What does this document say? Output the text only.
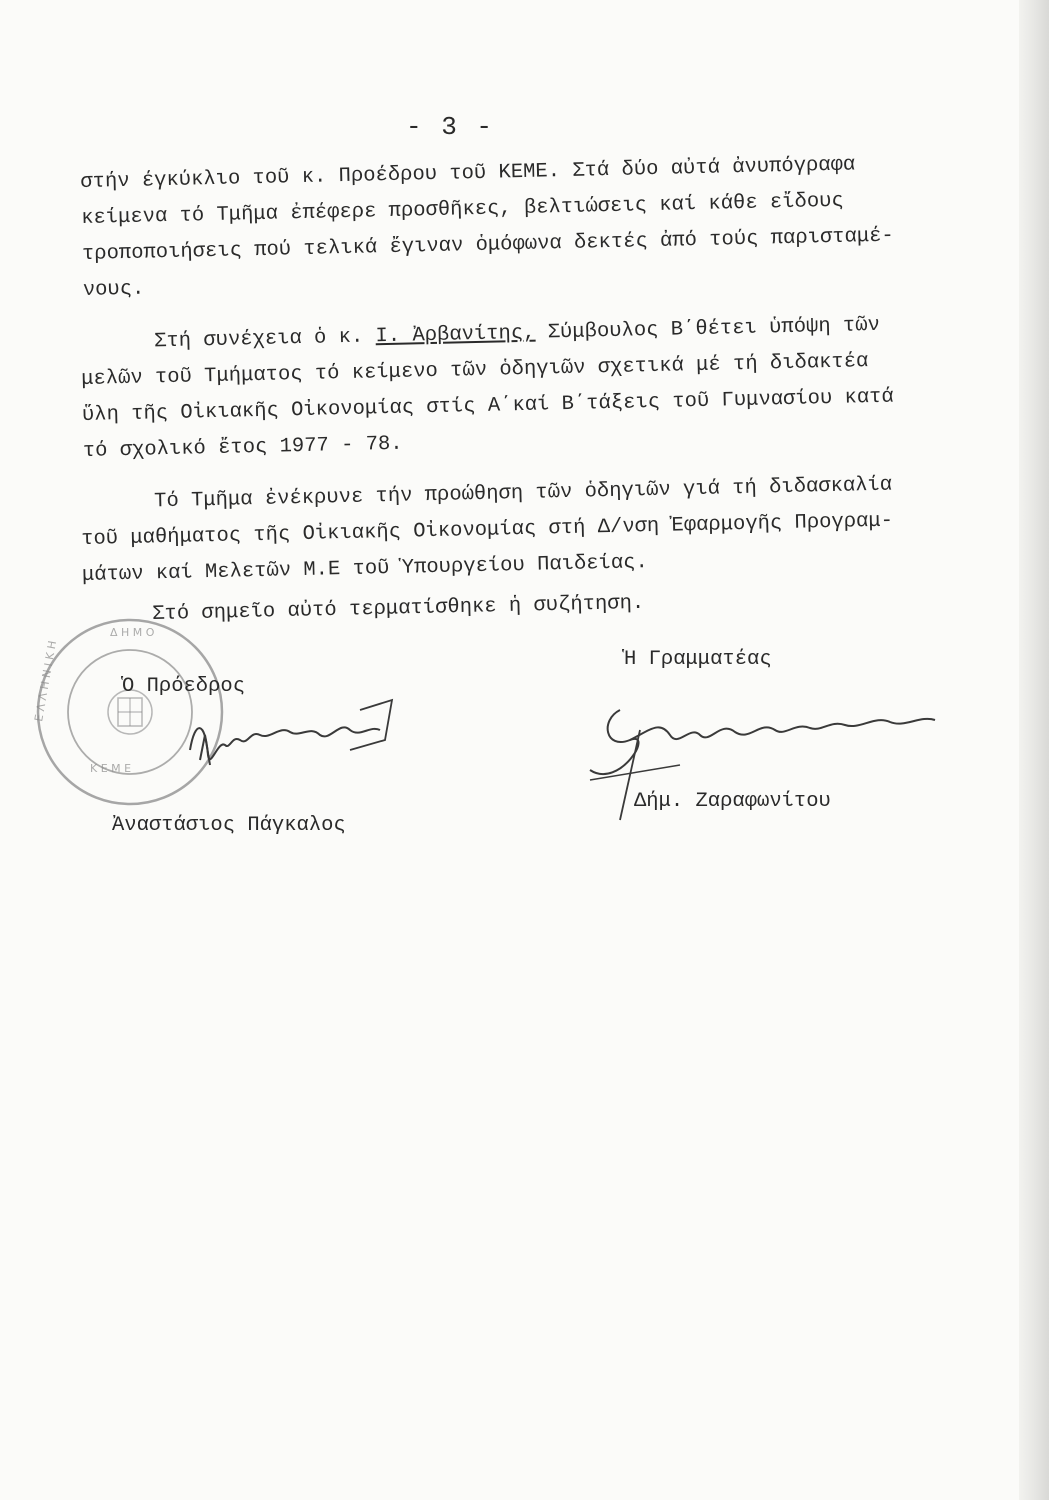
- 3 -

στήν έγκύκλιο τοῦ κ. Προέδρου τοῦ ΚΕΜΕ. Στά δύο αὐτά ἀνυπόγραφα
κείμενα τό Τμῆμα ἐπέφερε προσθῆκες, βελτιώσεις καί κάθε εἴδους
τροποποιήσεις πού τελικά ἔγιναν ὁμόφωνα δεκτές ἀπό τούς παρισταμέ-
νους.

Στή συνέχεια ὁ κ. Ι. Ἀρβανίτης, Σύμβουλος Β΄θέτει ὑπόψη τῶν
μελῶν τοῦ Τμήματος τό κείμενο τῶν ὁδηγιῶν σχετικά μέ τή διδακτέα
ὕλη τῆς Οἰκιακῆς Οἰκονομίας στίς Α΄καί Β΄τάξεις τοῦ Γυμνασίου κατά
τό σχολικό ἔτος 1977 - 78.

Τό Τμῆμα ἐνέκρυνε τήν προώθηση τῶν ὁδηγιῶν γιά τή διδασκαλία
τοῦ μαθήματος τῆς Οἰκιακῆς Οἰκονομίας στή Δ/νση Ἐφαρμογῆς Προγραμ-
μάτων καί Μελετῶν Μ.Ε τοῦ Ὑπουργείου Παιδείας.

Στό σημεῖο αὐτό τερματίσθηκε ἡ συζήτηση.
Δ Η Μ Ο
Κ Ε Μ Ε
Ε Λ Λ Η Ν Ι Κ Η	Ὁ Πρόεδρος
Ἀναστάσιος Πάγκαλος
Ἡ Γραμματέας
Δήμ. Ζαραφωνίτου
